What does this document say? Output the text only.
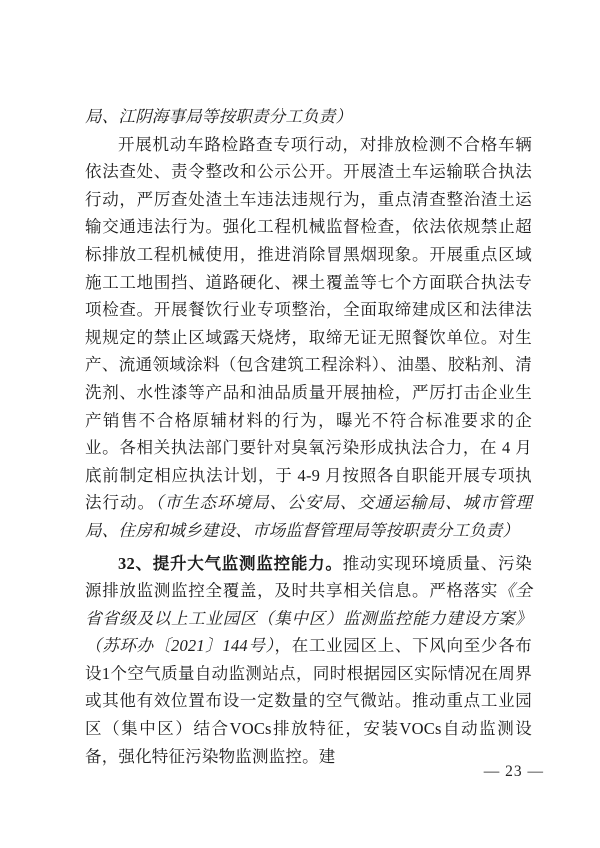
局、江阴海事局等按职责分工负责）

开展机动车路检路查专项行动，对排放检测不合格车辆依法查处、责令整改和公示公开。开展渣土车运输联合执法行动，严厉查处渣土车违法违规行为，重点清查整治渣土运输交通违法行为。强化工程机械监督检查，依法依规禁止超标排放工程机械使用，推进消除冒黑烟现象。开展重点区域施工工地围挡、道路硬化、裸土覆盖等七个方面联合执法专项检查。开展餐饮行业专项整治，全面取缔建成区和法律法规规定的禁止区域露天烧烤，取缔无证无照餐饮单位。对生产、流通领域涂料（包含建筑工程涂料）、油墨、胶粘剂、清洗剂、水性漆等产品和油品质量开展抽检，严厉打击企业生产销售不合格原辅材料的行为，曝光不符合标准要求的企业。各相关执法部门要针对臭氧污染形成执法合力，在 4 月底前制定相应执法计划，于 4-9 月按照各自职能开展专项执法行动。（市生态环境局、公安局、交通运输局、城市管理局、住房和城乡建设、市场监督管理局等按职责分工负责）

32、提升大气监测监控能力。推动实现环境质量、污染源排放监测监控全覆盖，及时共享相关信息。严格落实《全省省级及以上工业园区（集中区）监测监控能力建设方案》（苏环办〔2021〕144号），在工业园区上、下风向至少各布设1个空气质量自动监测站点，同时根据园区实际情况在周界或其他有效位置布设一定数量的空气微站。推动重点工业园区（集中区）结合VOCs排放特征，安装VOCs自动监测设备，强化特征污染物监测监控。建

— 23 —
